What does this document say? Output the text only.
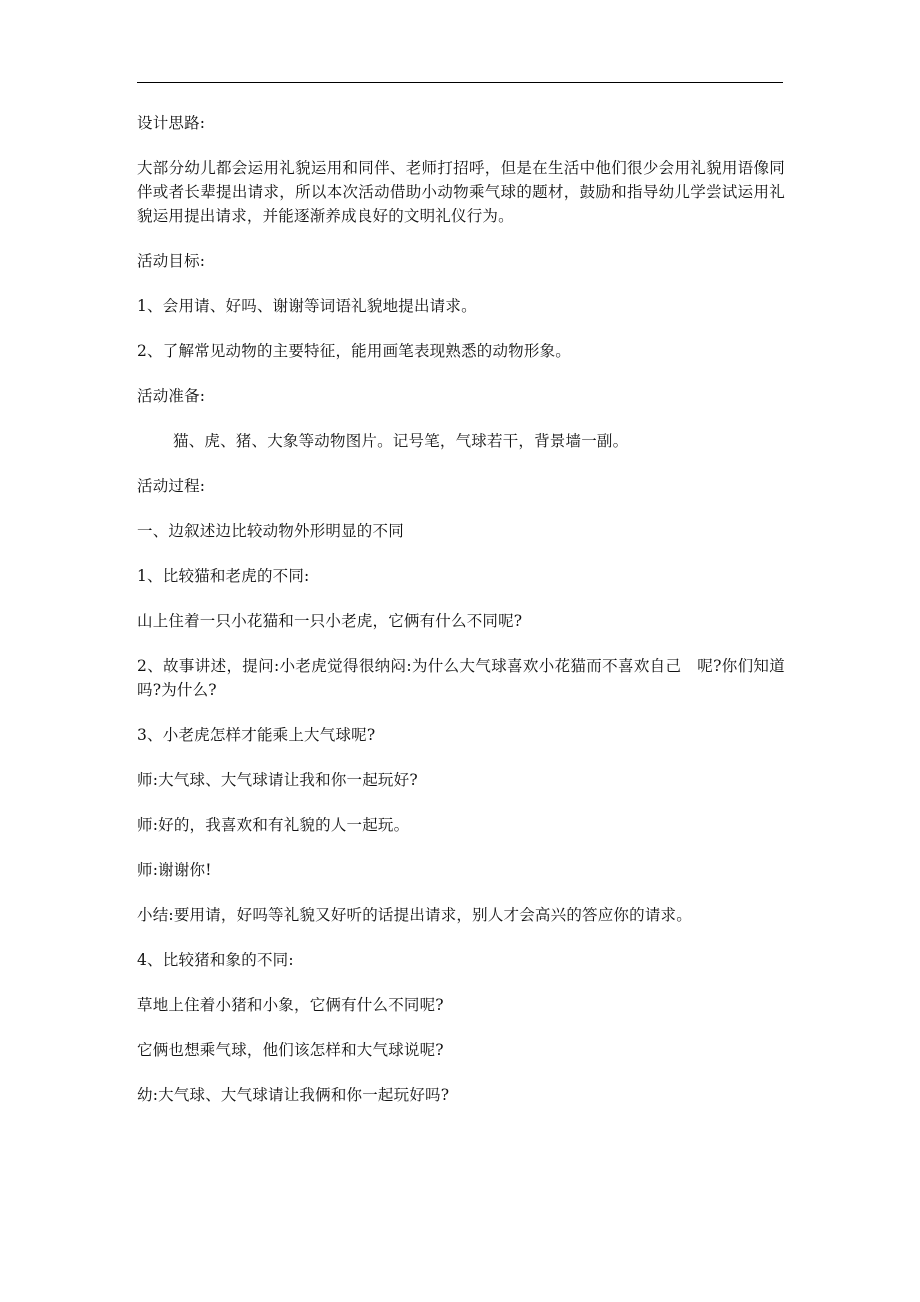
设计思路:

大部分幼儿都会运用礼貌运用和同伴、老师打招呼，但是在生活中他们很少会用礼貌用语像同伴或者长辈提出请求，所以本次活动借助小动物乘气球的题材，鼓励和指导幼儿学尝试运用礼貌运用提出请求，并能逐渐养成良好的文明礼仪行为。

活动目标:

1、会用请、好吗、谢谢等词语礼貌地提出请求。

2、了解常见动物的主要特征，能用画笔表现熟悉的动物形象。

活动准备:

猫、虎、猪、大象等动物图片。记号笔，气球若干，背景墙一副。

活动过程:

一、边叙述边比较动物外形明显的不同

1、比较猫和老虎的不同:

山上住着一只小花猫和一只小老虎，它俩有什么不同呢?

2、故事讲述，提问:小老虎觉得很纳闷:为什么大气球喜欢小花猫而不喜欢自己　呢?你们知道吗?为什么?

3、小老虎怎样才能乘上大气球呢?

师:大气球、大气球请让我和你一起玩好?

师:好的，我喜欢和有礼貌的人一起玩。

师:谢谢你!

小结:要用请，好吗等礼貌又好听的话提出请求，别人才会高兴的答应你的请求。

4、比较猪和象的不同:

草地上住着小猪和小象，它俩有什么不同呢?

它俩也想乘气球，他们该怎样和大气球说呢?

幼:大气球、大气球请让我俩和你一起玩好吗?
